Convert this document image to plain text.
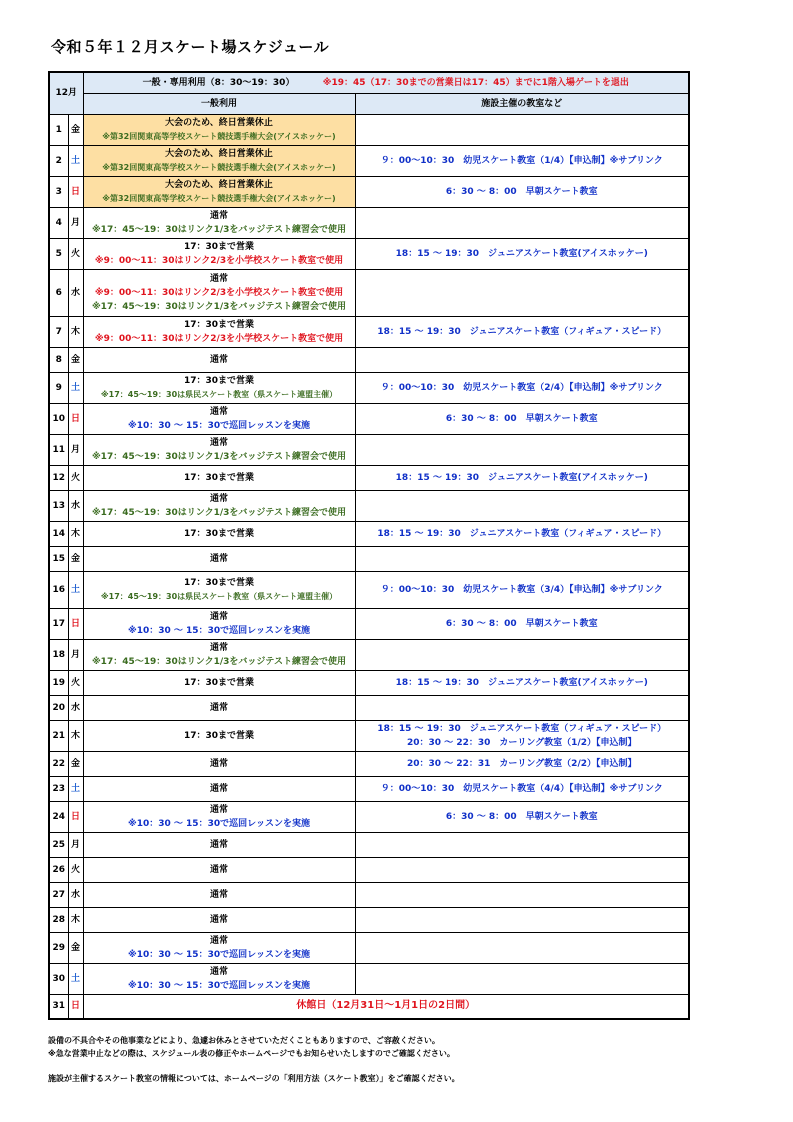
令和５年１２月スケート場スケジュール
12月		一般・専用利用（8：30～19：30） ※19：45（17：30までの営業日は17：45）までに1階入場ゲートを退出	
		一般利用	施設主催の教室など
1	金	大会のため、終日営業休止
※第32回関東高等学校スケート競技選手権大会(アイスホッケー)	

2	土	大会のため、終日営業休止
※第32回関東高等学校スケート競技選手権大会(アイスホッケー)	９：00～10：30　幼児スケート教室（1/4）【申込制】※サブリンク

3	日	大会のため、終日営業休止
※第32回関東高等学校スケート競技選手権大会(アイスホッケー)	6：30 ～ 8：00　早朝スケート教室

4	月	通常
※17：45～19：30はリンク1/3をバッジテスト練習会で使用	

5	火	17：30まで営業
※9：00～11：30はリンク2/3を小学校スケート教室で使用	18：15 ～ 19：30　ジュニアスケート教室(アイスホッケー)

6	水	通常
※9：00～11：30はリンク2/3を小学校スケート教室で使用
※17：45～19：30はリンク1/3をバッジテスト練習会で使用	

7	木	17：30まで営業
※9：00～11：30はリンク2/3を小学校スケート教室で使用	18：15 ～ 19：30　ジュニアスケート教室（フィギュア・スピード）

8	金	通常	

9	土	17：30まで営業
※17：45～19：30は県民スケート教室（県スケート連盟主催）	９：00～10：30　幼児スケート教室（2/4）【申込制】※サブリンク

10	日	通常
※10：30 ～ 15：30で巡回レッスンを実施	6：30 ～ 8：00　早朝スケート教室

11	月	通常
※17：45～19：30はリンク1/3をバッジテスト練習会で使用	

12	火	17：30まで営業	18：15 ～ 19：30　ジュニアスケート教室(アイスホッケー)

13	水	通常
※17：45～19：30はリンク1/3をバッジテスト練習会で使用	

14	木	17：30まで営業	18：15 ～ 19：30　ジュニアスケート教室（フィギュア・スピード）

15	金	通常	

16	土	17：30まで営業
※17：45～19：30は県民スケート教室（県スケート連盟主催）	９：00～10：30　幼児スケート教室（3/4）【申込制】※サブリンク

17	日	通常
※10：30 ～ 15：30で巡回レッスンを実施	6：30 ～ 8：00　早朝スケート教室

18	月	通常
※17：45～19：30はリンク1/3をバッジテスト練習会で使用	

19	火	17：30まで営業	18：15 ～ 19：30　ジュニアスケート教室(アイスホッケー)

20	水	通常	

21	木	17：30まで営業	18：15 ～ 19：30　ジュニアスケート教室（フィギュア・スピード）
20：30 ～ 22：30　カーリング教室（1/2）【申込制】

22	金	通常	20：30 ～ 22：31　カーリング教室（2/2）【申込制】

23	土	通常	９：00～10：30　幼児スケート教室（4/4）【申込制】※サブリンク

24	日	通常
※10：30 ～ 15：30で巡回レッスンを実施	6：30 ～ 8：00　早朝スケート教室

25	月	通常	

26	火	通常	

27	水	通常	

28	木	通常	

29	金	通常
※10：30 ～ 15：30で巡回レッスンを実施	

30	土	通常
※10：30 ～ 15：30で巡回レッスンを実施	

31	日	休館日（12月31日～1月1日の2日間）	
設備の不具合やその他事業などにより、急遽お休みとさせていただくこともありますので、ご容赦ください。
※急な営業中止などの際は、スケジュール表の修正やホームページでもお知らせいたしますのでご確認ください。
施設が主催するスケート教室の情報については、ホームページの「利用方法（スケート教室）」をご確認ください。
